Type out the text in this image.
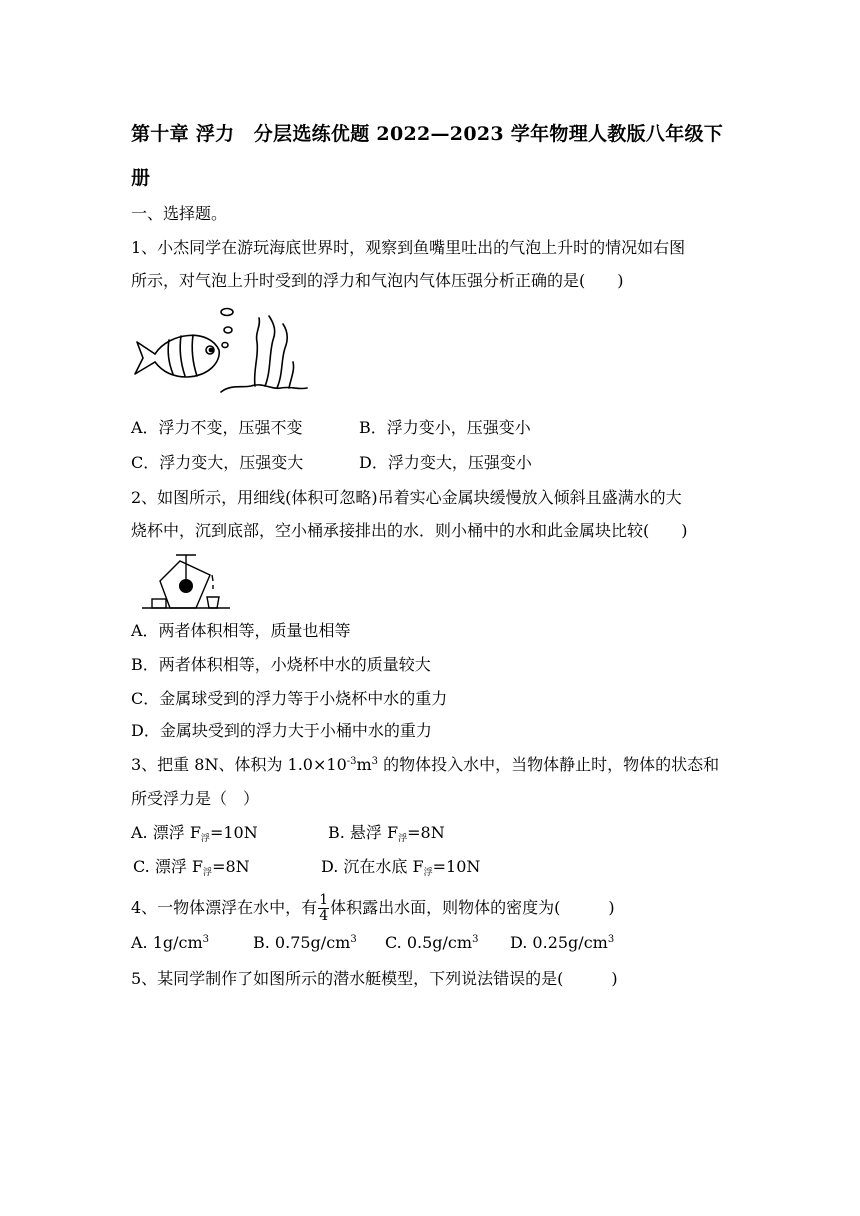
第十章 浮力　分层选练优题 2022—2023 学年物理人教版八年级下册
一、选择题。
1、小杰同学在游玩海底世界时，观察到鱼嘴里吐出的气泡上升时的情况如右图
所示，对气泡上升时受到的浮力和气泡内气体压强分析正确的是(　　)
A．浮力不变，压强不变	B．浮力变小，压强变小
C．浮力变大，压强变大	D．浮力变大，压强变小
2、如图所示，用细线(体积可忽略)吊着实心金属块缓慢放入倾斜且盛满水的大
烧杯中，沉到底部，空小桶承接排出的水．则小桶中的水和此金属块比较(　　)
A．两者体积相等，质量也相等
B．两者体积相等，小烧杯中水的质量较大
C．金属球受到的浮力等于小烧杯中水的重力
D．金属块受到的浮力大于小桶中水的重力
3、把重 8N、体积为 $1.0\times 10^{-3}m^3$ 的物体投入水中，当物体静止时，物体的状态和
所受浮力是（　）
A. 漂浮 $F_浮=10N$	B. 悬浮 $F_浮=8N$
C. 漂浮 $F_浮=8N$	D. 沉在水底 $F_浮=10N$
4、一物体漂浮在水中，有 $\frac{1}{4}$ 体积露出水面，则物体的密度为(　　　)
A. $1g/cm^3$	B. $0.75g/cm^3$ C. $0.5g/cm^3$ D. $0.25g/cm^3$
5、某同学制作了如图所示的潜水艇模型，下列说法错误的是(　　　)
